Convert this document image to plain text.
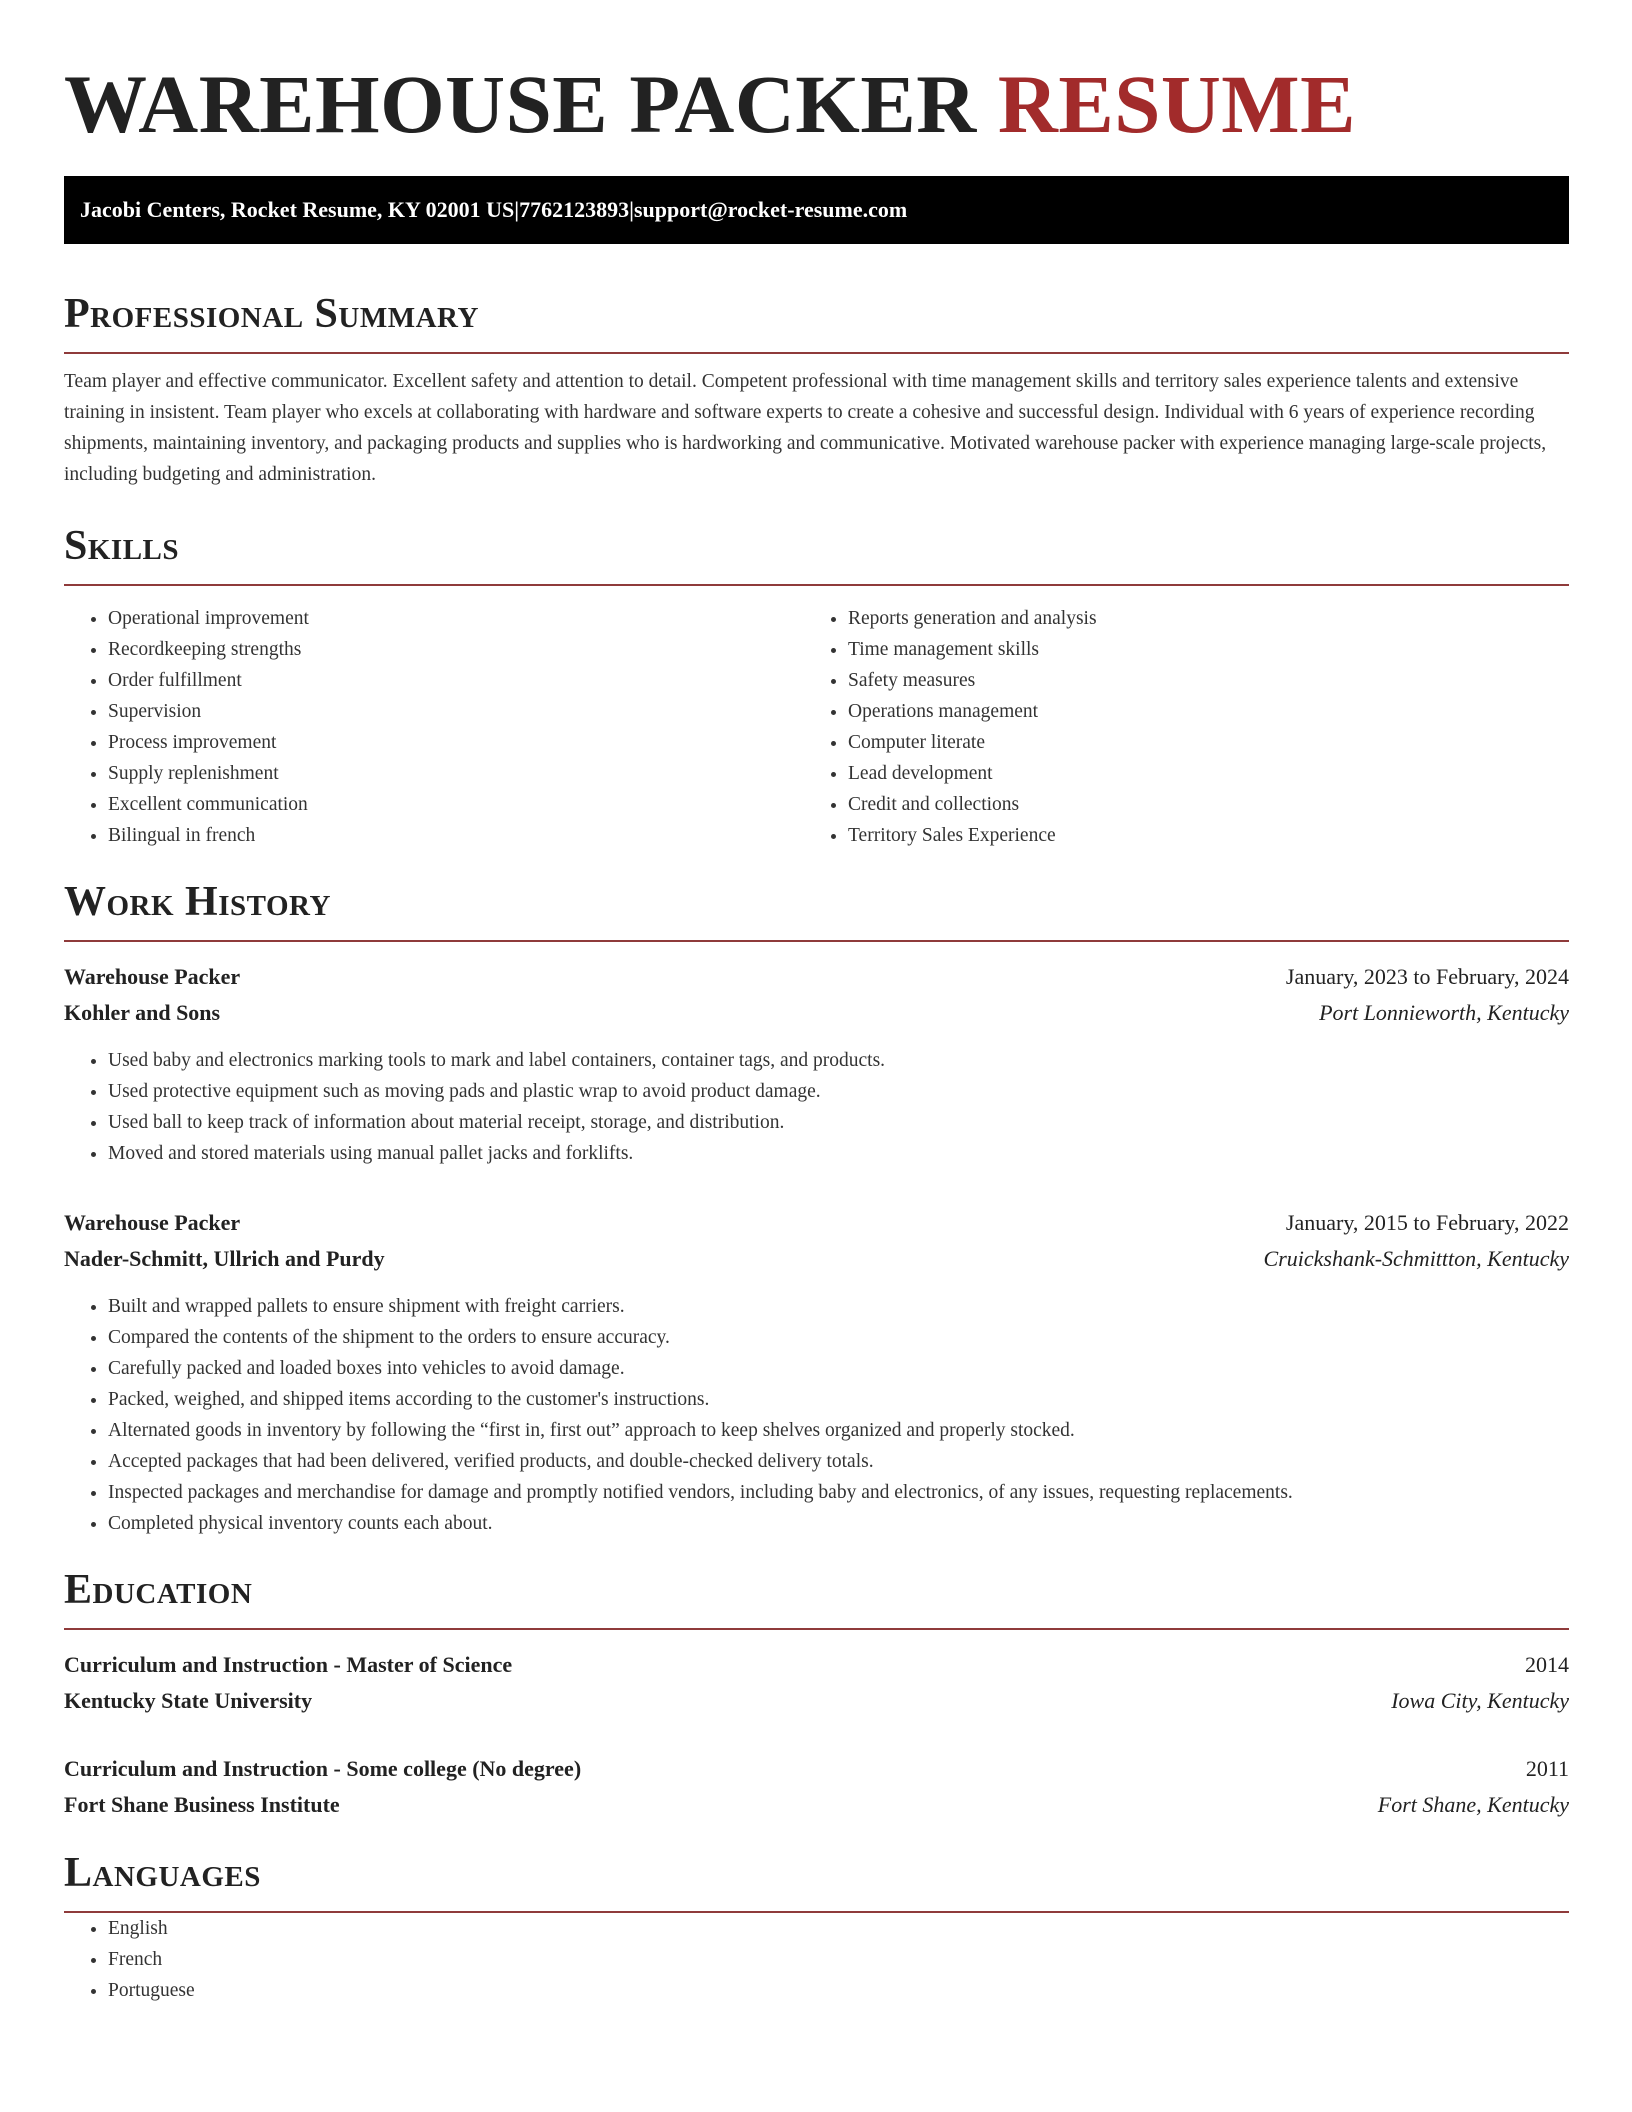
WAREHOUSE PACKER RESUME
Jacobi Centers, Rocket Resume, KY 02001 US | 7762123893 | support@rocket-resume.com
Professional Summary

Team player and effective communicator. Excellent safety and attention to detail. Competent professional with time management skills and territory sales experience talents and extensive training in insistent. Team player who excels at collaborating with hardware and software experts to create a cohesive and successful design. Individual with 6 years of experience recording shipments, maintaining inventory, and packaging products and supplies who is hardworking and communicative. Motivated warehouse packer with experience managing large-scale projects, including budgeting and administration.

Skills
• Operational improvement
• Recordkeeping strengths
• Order fulfillment
• Supervision
• Process improvement
• Supply replenishment
• Excellent communication
• Bilingual in french
• Reports generation and analysis
• Time management skills
• Safety measures
• Operations management
• Computer literate
• Lead development
• Credit and collections
• Territory Sales Experience
Work History
Warehouse Packer	January, 2023 to February, 2024
Kohler and Sons	Port Lonnieworth, Kentucky
• Used baby and electronics marking tools to mark and label containers, container tags, and products.
• Used protective equipment such as moving pads and plastic wrap to avoid product damage.
• Used ball to keep track of information about material receipt, storage, and distribution.
• Moved and stored materials using manual pallet jacks and forklifts.
Warehouse Packer	January, 2015 to February, 2022
Nader-Schmitt, Ullrich and Purdy	Cruickshank-Schmittton, Kentucky
• Built and wrapped pallets to ensure shipment with freight carriers.
• Compared the contents of the shipment to the orders to ensure accuracy.
• Carefully packed and loaded boxes into vehicles to avoid damage.
• Packed, weighed, and shipped items according to the customer's instructions.
• Alternated goods in inventory by following the “first in, first out” approach to keep shelves organized and properly stocked.
• Accepted packages that had been delivered, verified products, and double-checked delivery totals.
• Inspected packages and merchandise for damage and promptly notified vendors, including baby and electronics, of any issues, requesting replacements.
• Completed physical inventory counts each about.
Education
Curriculum and Instruction - Master of Science	2014
Kentucky State University	Iowa City, Kentucky
Curriculum and Instruction - Some college (No degree)	2011
Fort Shane Business Institute	Fort Shane, Kentucky
Languages
• English
• French
• Portuguese
